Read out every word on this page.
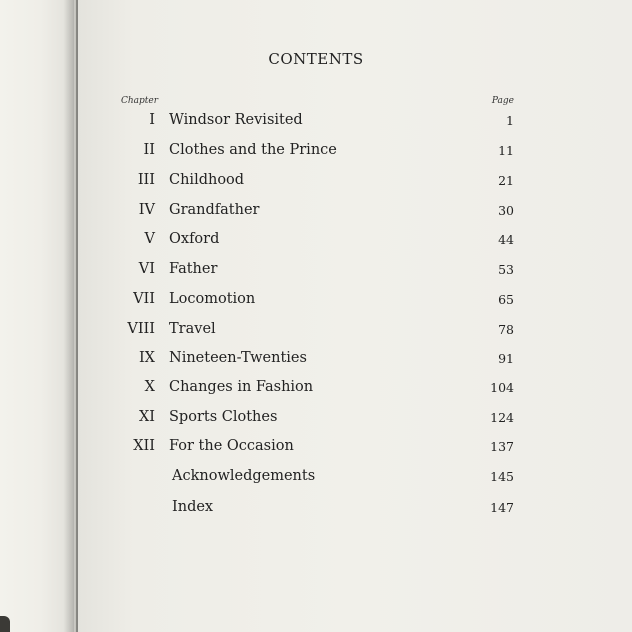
CONTENTS
Chapter	Page
I Windsor Revisited	1
II Clothes and the Prince	11
III Childhood	21
IV Grandfather	30
V Oxford	44
VI Father	53
VII Locomotion	65
VIII Travel	78
IX Nineteen-Twenties	91
X Changes in Fashion	104
XI Sports Clothes	124
XII For the Occasion	137
Acknowledgements	145
Index	147
